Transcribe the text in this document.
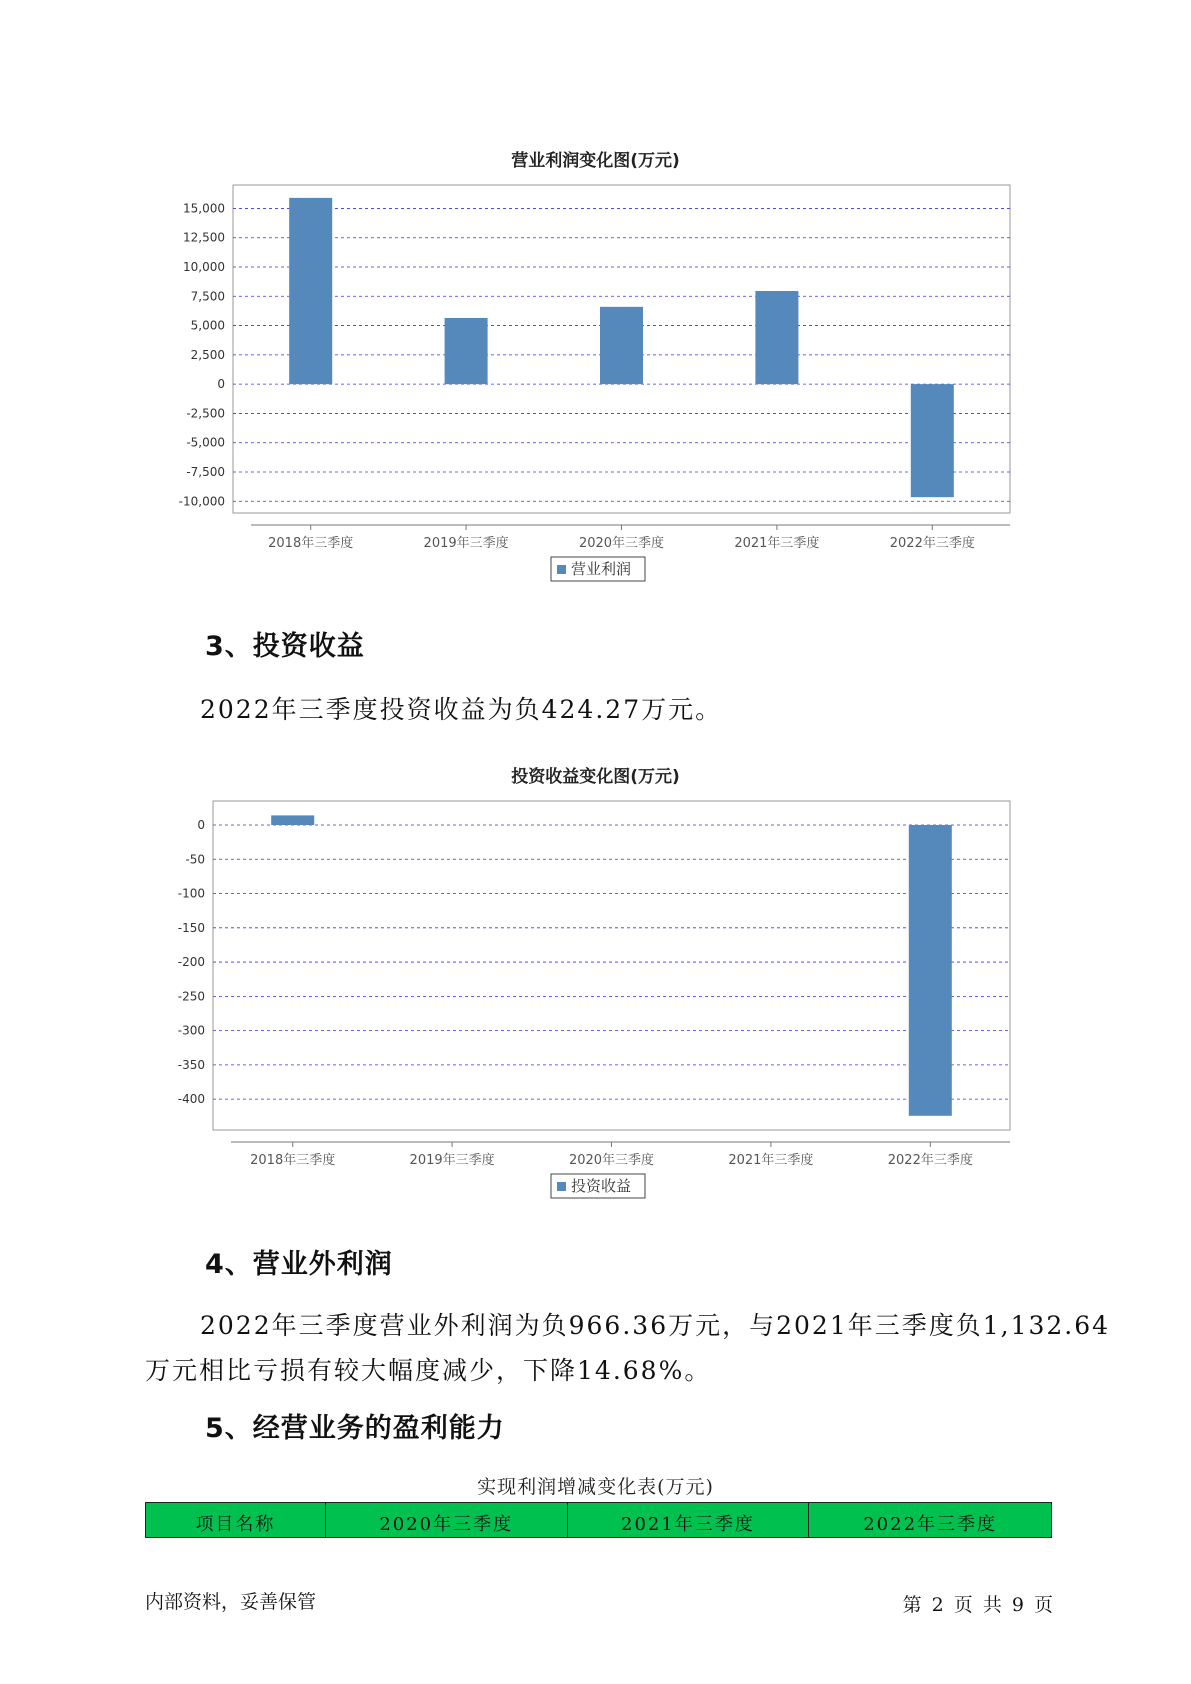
营业利润变化图(万元)
15,000
12,500
10,000
7,500
5,000
2,500
0
-2,500
-5,000
-7,500
-10,000
2018年三季度	2019年三季度	2020年三季度	2021年三季度	2022年三季度
营业利润
3、投资收益

2022年三季度投资收益为负424.27万元。

投资收益变化图(万元)
0
-50
-100
-150
-200
-250
-300
-350
-400
2018年三季度	2019年三季度	2020年三季度	2021年三季度	2022年三季度
投资收益
4、营业外利润

2022年三季度营业外利润为负966.36万元，与2021年三季度负1,132.64

万元相比亏损有较大幅度减少，下降14.68%。

5、经营业务的盈利能力
实现利润增减变化表(万元)
项目名称	2020年三季度	2021年三季度	2022年三季度
内部资料，妥善保管	第 2 页 共 9 页
